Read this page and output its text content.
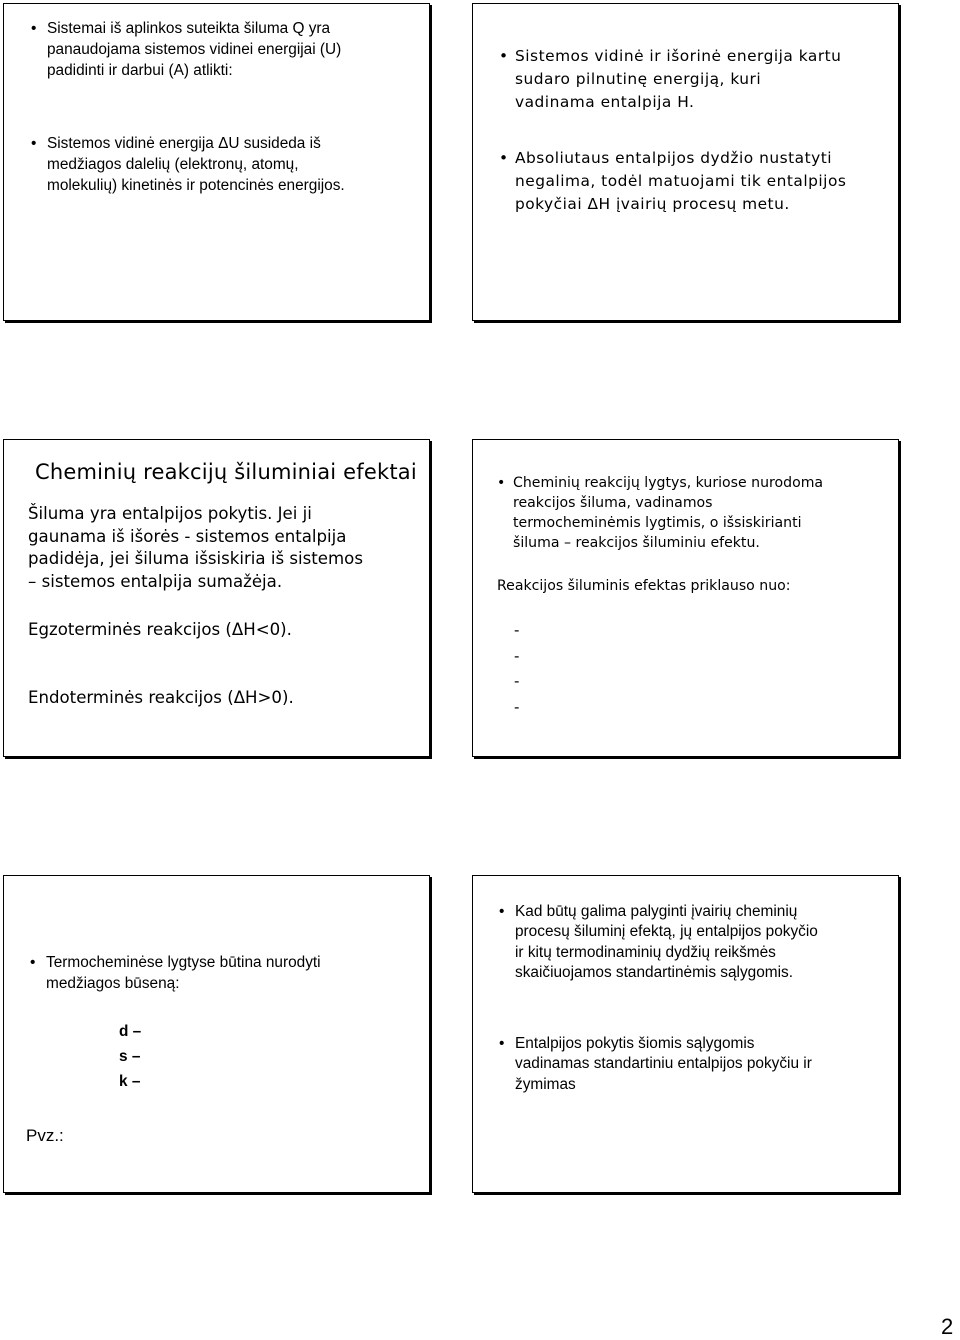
• Sistemai iš aplinkos suteikta šiluma Q yra
panaudojama sistemos vidinei energijai (U)
padidinti ir darbui (A) atlikti:

• Sistemos vidinė energija ΔU susideda iš
medžiagos dalelių (elektronų, atomų,
molekulių) kinetinės ir potencinės energijos.

• Sistemos vidinė ir išorinė energija kartu
sudaro pilnutinę energiją, kuri
vadinama entalpija H.

• Absoliutaus entalpijos dydžio nustatyti
negalima, todėl matuojami tik entalpijos
pokyčiai ΔH įvairių procesų metu.

Cheminių reakcijų šiluminiai efektai

Šiluma yra entalpijos pokytis. Jei ji
gaunama iš išorės - sistemos entalpija
padidėja, jei šiluma išsiskiria iš sistemos
– sistemos entalpija sumažėja.

Egzoterminės reakcijos (ΔH<0).

Endoterminės reakcijos (ΔH>0).

• Cheminių reakcijų lygtys, kuriose nurodoma
reakcijos šiluma, vadinamos
termocheminėmis lygtimis, o išsiskirianti
šiluma – reakcijos šiluminiu efektu.

Reakcijos šiluminis efektas priklauso nuo:

-
-
-
-

• Termocheminėse lygtyse būtina nurodyti
medžiagos būseną:

d –
s –
k –

Pvz.:

• Kad būtų galima palyginti įvairių cheminių
procesų šiluminį efektą, jų entalpijos pokyčio
ir kitų termodinaminių dydžių reikšmės
skaičiuojamos standartinėmis sąlygomis.

• Entalpijos pokytis šiomis sąlygomis
vadinamas standartiniu entalpijos pokyčiu ir
žymimas

2
